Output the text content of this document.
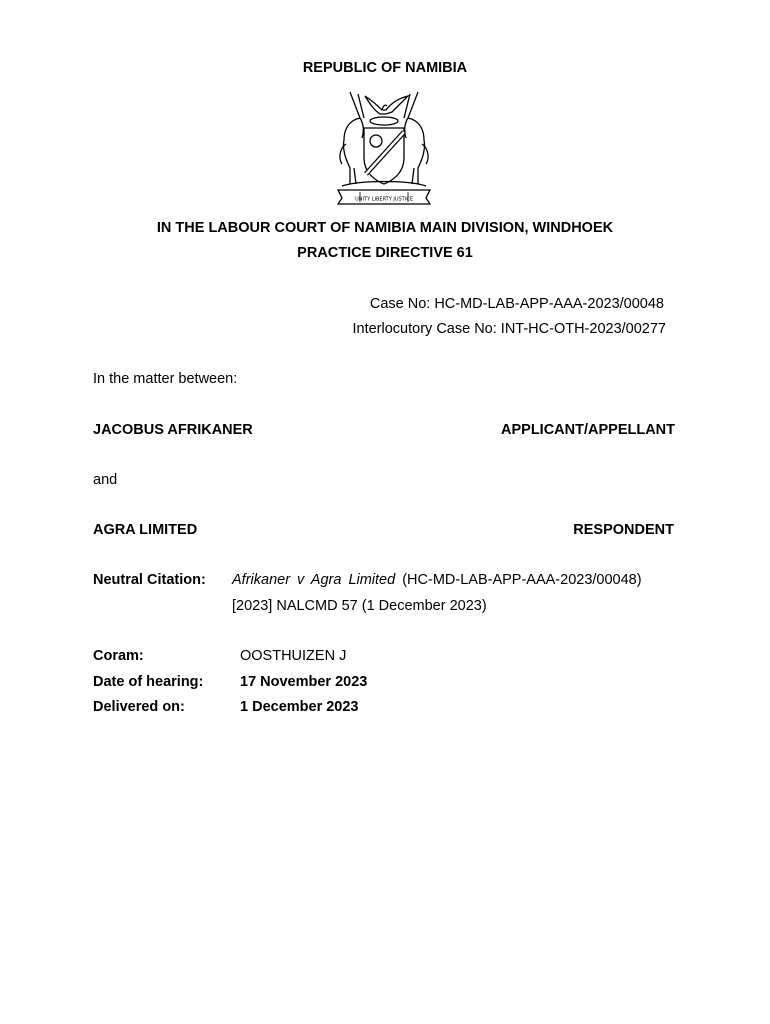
REPUBLIC OF NAMIBIA
UNITY LIBERTY JUSTICE
IN THE LABOUR COURT OF NAMIBIA MAIN DIVISION, WINDHOEK
PRACTICE DIRECTIVE 61
Case No: HC-MD-LAB-APP-AAA-2023/00048
Interlocutory Case No: INT-HC-OTH-2023/00277
In the matter between:
JACOBUS AFRIKANER	APPLICANT/APPELLANT
and
AGRA LIMITED	RESPONDENT
Neutral Citation: Afrikaner v Agra Limited (HC-MD-LAB-APP-AAA-2023/00048)
[2023] NALCMD 57 (1 December 2023)
Coram:	OOSTHUIZEN J
Date of hearing:	17 November 2023
Delivered on:	1 December 2023
